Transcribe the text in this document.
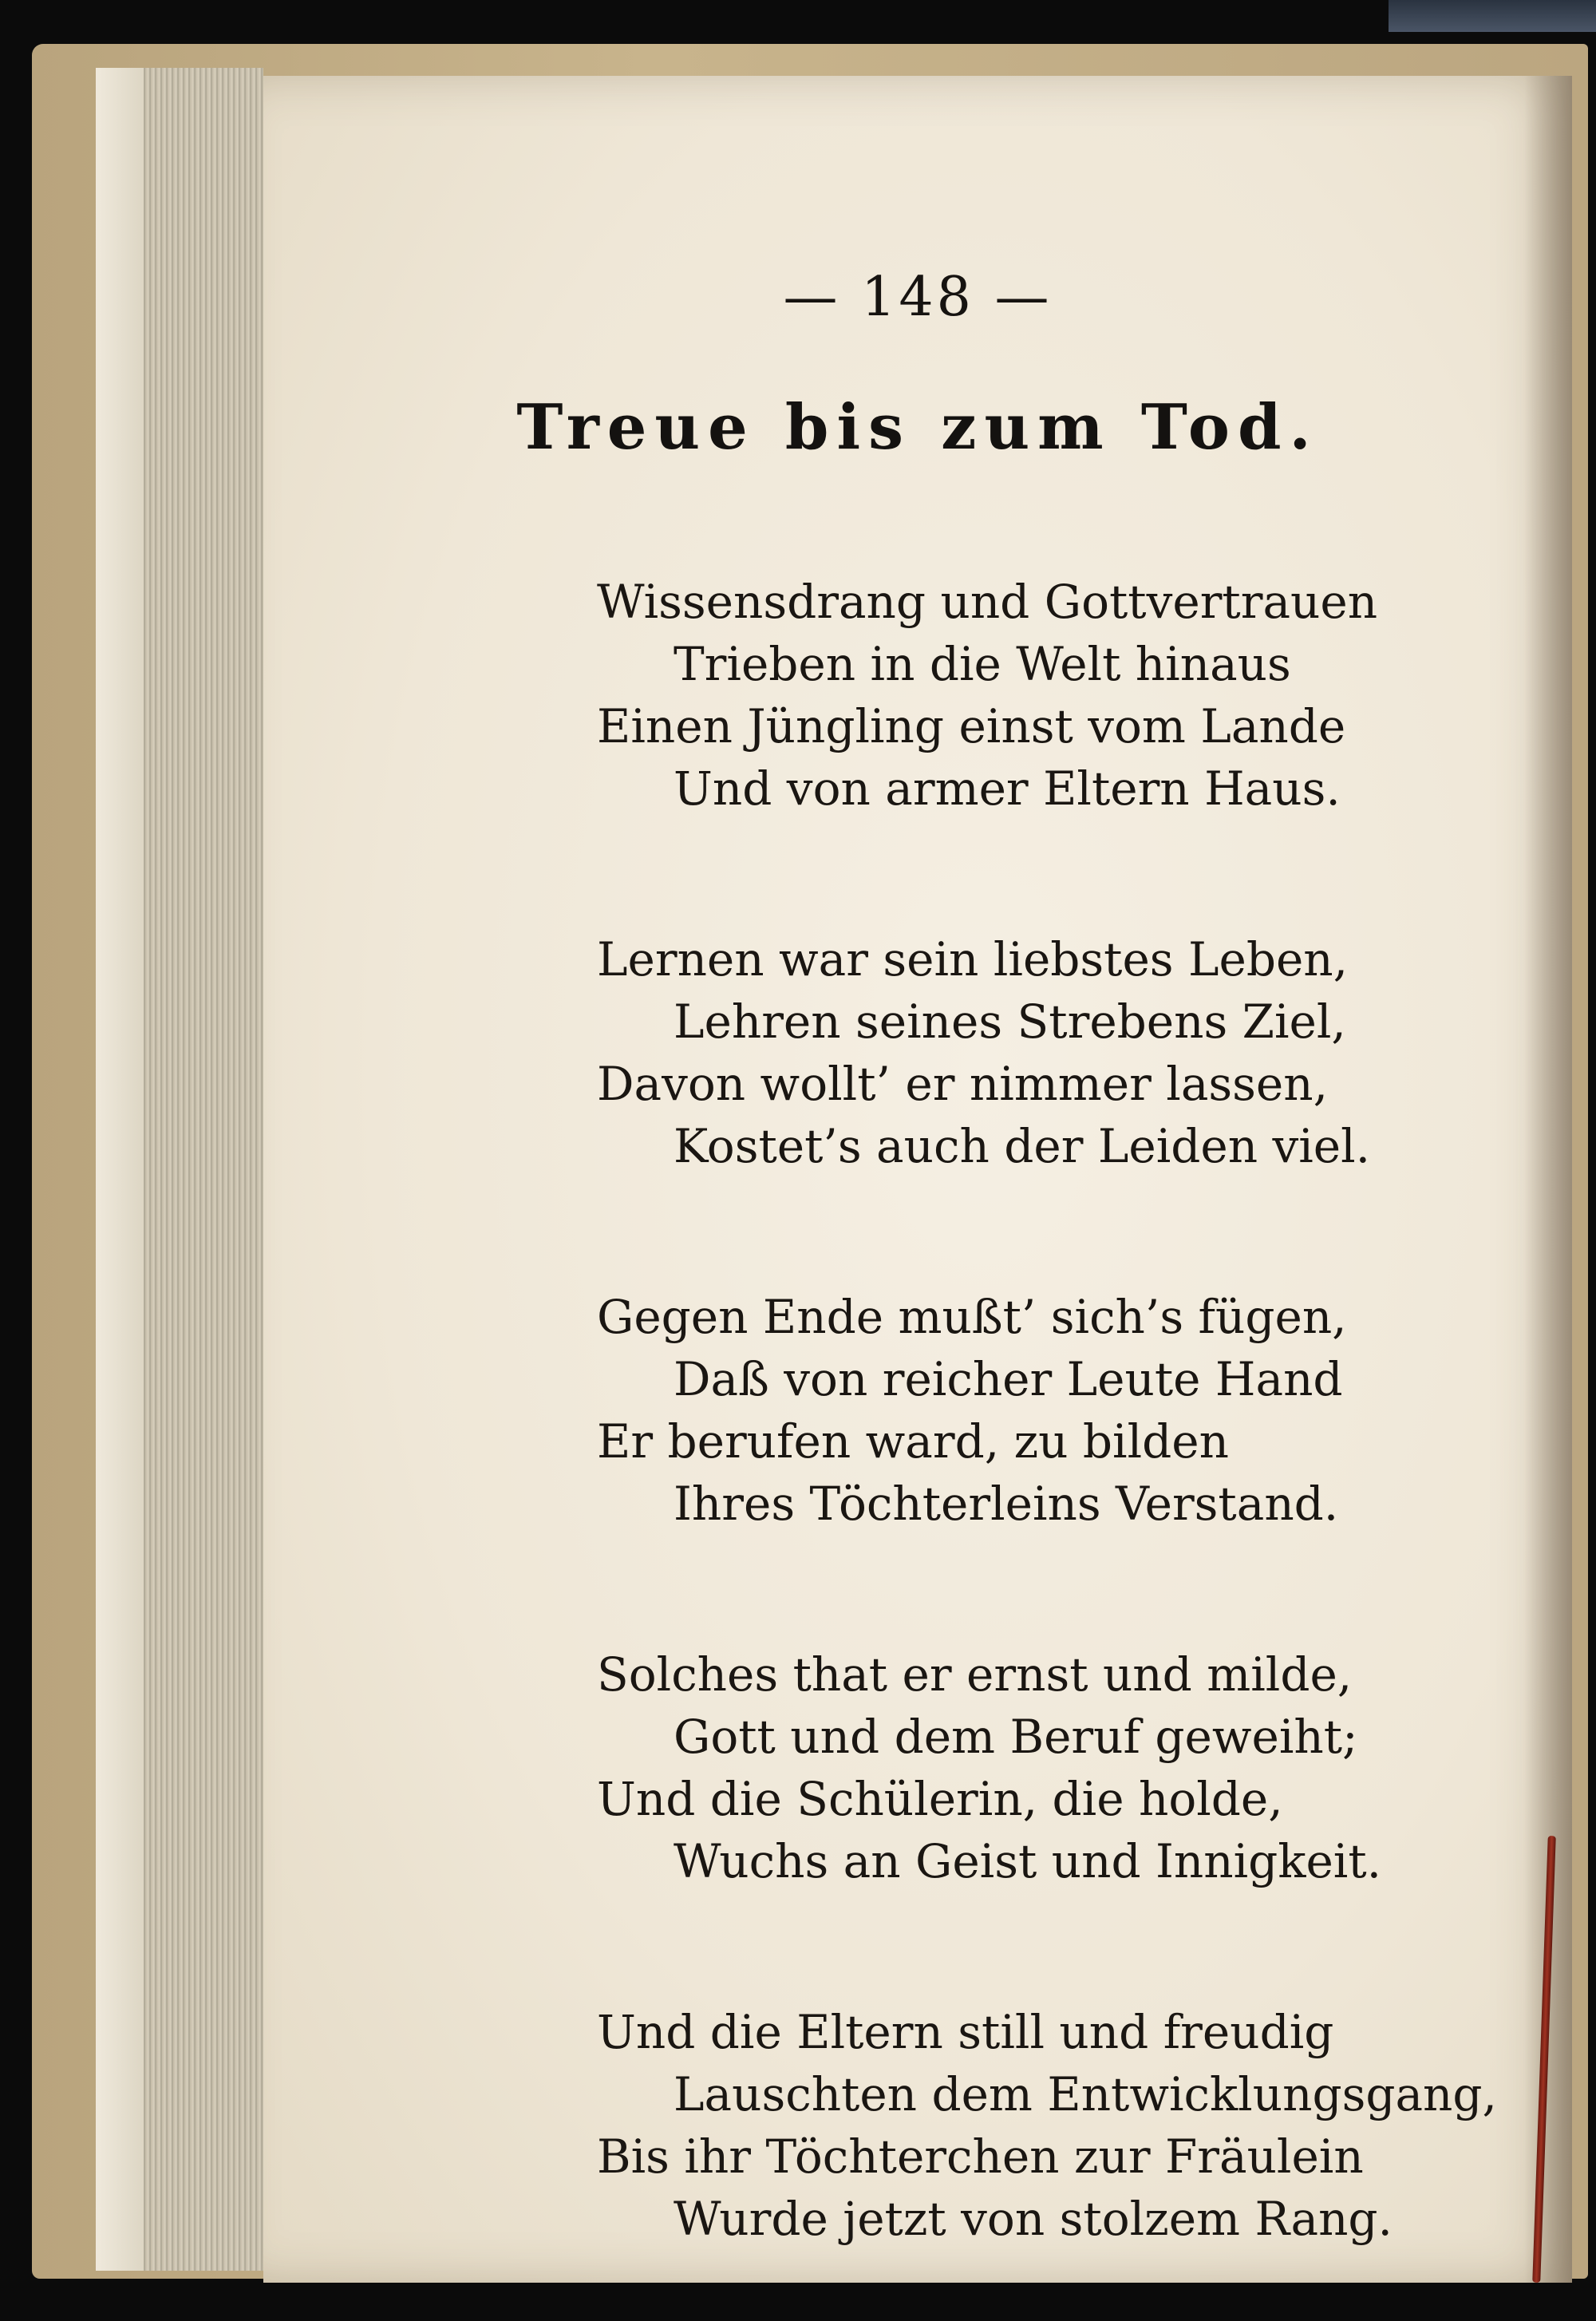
— 148 —
Treue bis zum Tod.
Wissensdrang und Gottvertrauen
Trieben in die Welt hinaus
Einen Jüngling einst vom Lande
Und von armer Eltern Haus.
Lernen war sein liebstes Leben,
Lehren seines Strebens Ziel,
Davon wollt’ er nimmer lassen,
Kostet’s auch der Leiden viel.
Gegen Ende mußt’ sich’s fügen,
Daß von reicher Leute Hand
Er berufen ward, zu bilden
Ihres Töchterleins Verstand.
Solches that er ernst und milde,
Gott und dem Beruf geweiht;
Und die Schülerin, die holde,
Wuchs an Geist und Innigkeit.
Und die Eltern still und freudig
Lauschten dem Entwicklungsgang,
Bis ihr Töchterchen zur Fräulein
Wurde jetzt von stolzem Rang.
